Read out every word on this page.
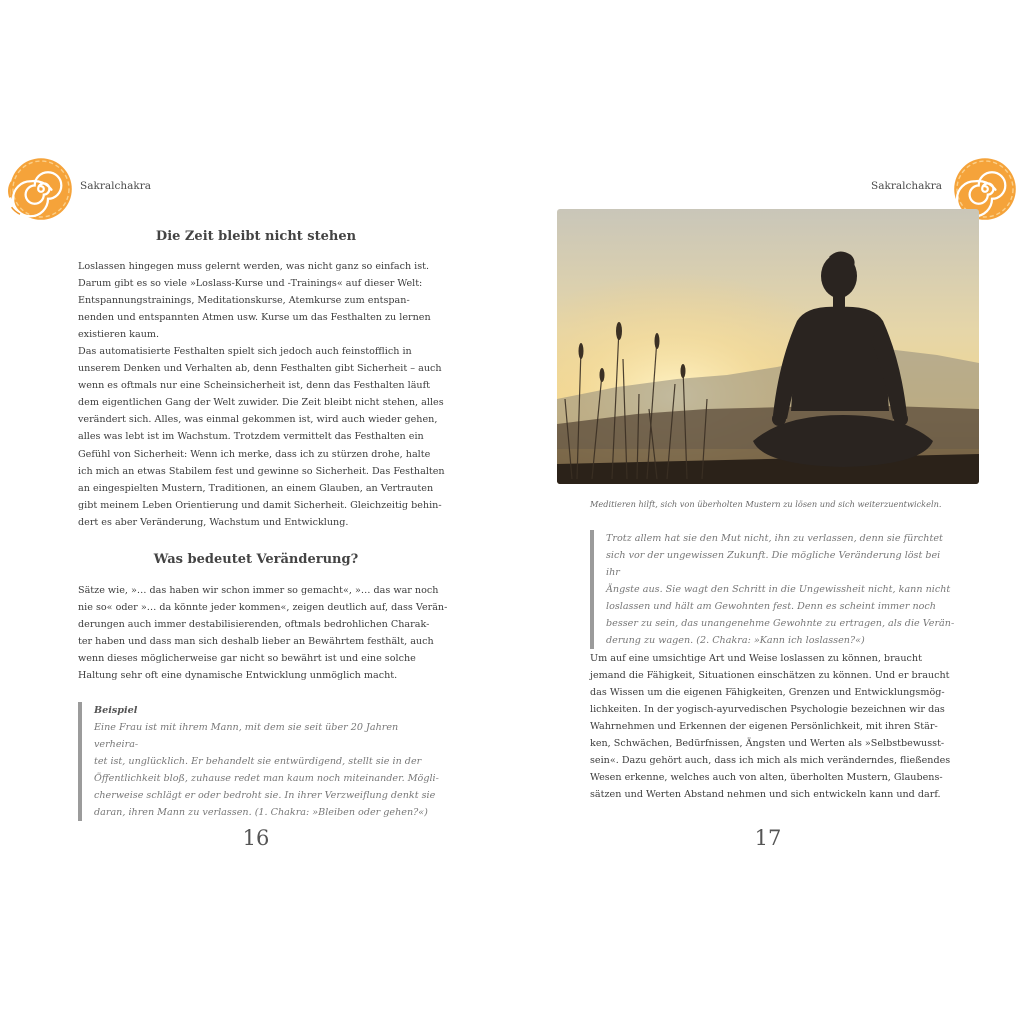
Sakralchakra
Die Zeit bleibt nicht stehen

Loslassen hingegen muss gelernt werden, was nicht ganz so einfach ist.
Darum gibt es so viele »Loslass-Kurse und -Trainings« auf dieser Welt:
Entspannungstrainings, Meditationskurse, Atemkurse zum entspan-
nenden und entspannten Atmen usw. Kurse um das Festhalten zu lernen
existieren kaum.
Das automatisierte Festhalten spielt sich jedoch auch feinstofflich in
unserem Denken und Verhalten ab, denn Festhalten gibt Sicherheit – auch
wenn es oftmals nur eine Scheinsicherheit ist, denn das Festhalten läuft
dem eigentlichen Gang der Welt zuwider. Die Zeit bleibt nicht stehen, alles
verändert sich. Alles, was einmal gekommen ist, wird auch wieder gehen,
alles was lebt ist im Wachstum. Trotzdem vermittelt das Festhalten ein
Gefühl von Sicherheit: Wenn ich merke, dass ich zu stürzen drohe, halte
ich mich an etwas Stabilem fest und gewinne so Sicherheit. Das Festhalten
an eingespielten Mustern, Traditionen, an einem Glauben, an Vertrauten
gibt meinem Leben Orientierung und damit Sicherheit. Gleichzeitig behin-
dert es aber Veränderung, Wachstum und Entwicklung.

Was bedeutet Veränderung?

Sätze wie, »… das haben wir schon immer so gemacht«, »… das war noch
nie so« oder »… da könnte jeder kommen«, zeigen deutlich auf, dass Verän-
derungen auch immer destabilisierenden, oftmals bedrohlichen Charak-
ter haben und dass man sich deshalb lieber an Bewährtem festhält, auch
wenn dieses möglicherweise gar nicht so bewährt ist und eine solche
Haltung sehr oft eine dynamische Entwicklung unmöglich macht.

Beispiel

Eine Frau ist mit ihrem Mann, mit dem sie seit über 20 Jahren verheira-
tet ist, unglücklich. Er behandelt sie entwürdigend, stellt sie in der
Öffentlichkeit bloß, zuhause redet man kaum noch miteinander. Mögli-
cherweise schlägt er oder bedroht sie. In ihrer Verzweiflung denkt sie
daran, ihren Mann zu verlassen. (1. Chakra: »Bleiben oder gehen?«)

16
Sakralchakra
Meditieren hilft, sich von überholten Mustern zu lösen und sich weiterzuentwickeln.

Trotz allem hat sie den Mut nicht, ihn zu verlassen, denn sie fürchtet
sich vor der ungewissen Zukunft. Die mögliche Veränderung löst bei ihr
Ängste aus. Sie wagt den Schritt in die Ungewissheit nicht, kann nicht
loslassen und hält am Gewohnten fest. Denn es scheint immer noch
besser zu sein, das unangenehme Gewohnte zu ertragen, als die Verän-
derung zu wagen. (2. Chakra: »Kann ich loslassen?«)

Um auf eine umsichtige Art und Weise loslassen zu können, braucht
jemand die Fähigkeit, Situationen einschätzen zu können. Und er braucht
das Wissen um die eigenen Fähigkeiten, Grenzen und Entwicklungsmög-
lichkeiten. In der yogisch-ayurvedischen Psychologie bezeichnen wir das
Wahrnehmen und Erkennen der eigenen Persönlichkeit, mit ihren Stär-
ken, Schwächen, Bedürfnissen, Ängsten und Werten als »Selbstbewusst-
sein«. Dazu gehört auch, dass ich mich als mich veränderndes, fließendes
Wesen erkenne, welches auch von alten, überholten Mustern, Glaubens-
sätzen und Werten Abstand nehmen und sich entwickeln kann und darf.

17
